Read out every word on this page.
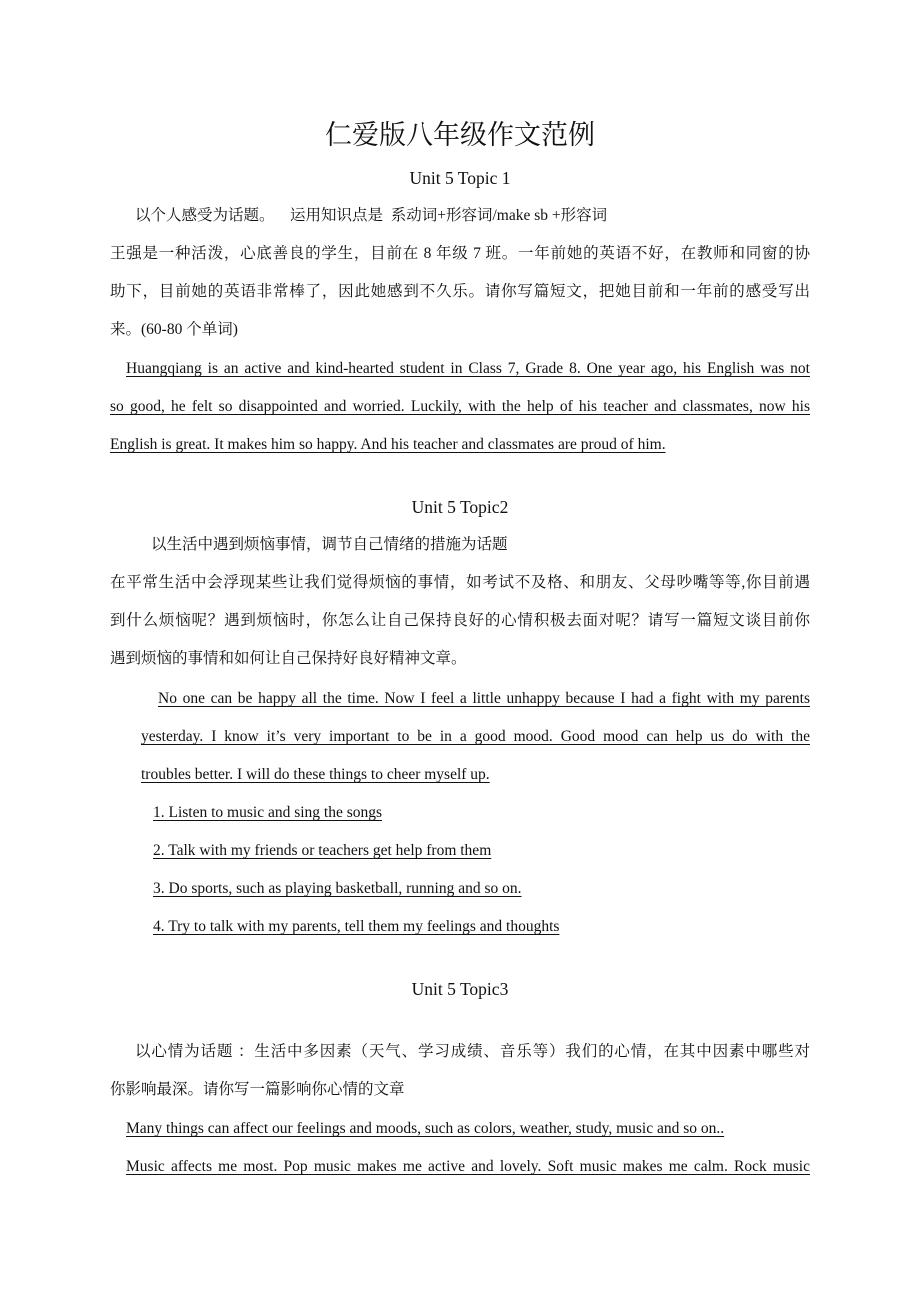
仁爱版八年级作文范例
Unit 5 Topic 1
以个人感受为话题。    运用知识点是  系动词+形容词/make sb +形容词
王强是一种活泼，心底善良的学生，目前在 8 年级 7 班。一年前她的英语不好，在教师和同窗的协
助下，目前她的英语非常棒了，因此她感到不久乐。请你写篇短文，把她目前和一年前的感受写出
来。(60-80 个单词)
Huangqiang is an active and kind-hearted student in Class 7, Grade 8. One year ago, his English was not
so good, he felt so disappointed and worried. Luckily, with the help of his teacher and classmates, now his
English is great. It makes him so happy. And his teacher and classmates are proud of him.
Unit 5 Topic2
以生活中遇到烦恼事情，调节自己情绪的措施为话题
在平常生活中会浮现某些让我们觉得烦恼的事情，如考试不及格、和朋友、父母吵嘴等等,你目前遇
到什么烦恼呢？遇到烦恼时，你怎么让自己保持良好的心情积极去面对呢？请写一篇短文谈目前你
遇到烦恼的事情和如何让自己保持好良好精神文章。
No one can be happy all the time. Now I feel a little unhappy because I had a fight with my parents
yesterday. I know it’s very important to be in a good mood. Good mood can help us do with the
troubles better. I will do these things to cheer myself up.
1. Listen to music and sing the songs
2. Talk with my friends or teachers get help from them
3. Do sports, such as playing basketball, running and so on.
4. Try to talk with my parents, tell them my feelings and thoughts
Unit 5 Topic3
以心情为话题 ：生活中多因素（天气、学习成绩、音乐等）我们的心情，在其中因素中哪些对
你影响最深。请你写一篇影响你心情的文章
Many things can affect our feelings and moods, such as colors, weather, study, music and so on..
Music affects me most. Pop music makes me active and lovely. Soft music makes me calm. Rock music
